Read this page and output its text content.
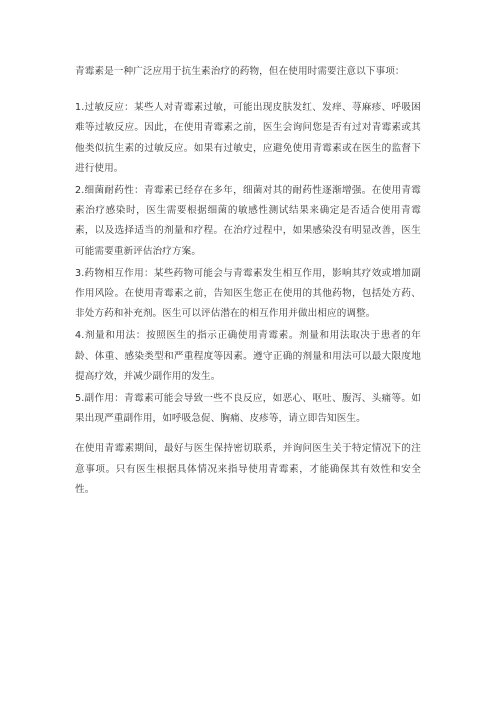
青霉素是一种广泛应用于抗生素治疗的药物，但在使用时需要注意以下事项：

1.过敏反应：某些人对青霉素过敏，可能出现皮肤发红、发痒、荨麻疹、呼吸困难等过敏反应。因此，在使用青霉素之前，医生会询问您是否有过对青霉素或其他类似抗生素的过敏反应。如果有过敏史，应避免使用青霉素或在医生的监督下进行使用。

2.细菌耐药性：青霉素已经存在多年，细菌对其的耐药性逐渐增强。在使用青霉素治疗感染时，医生需要根据细菌的敏感性测试结果来确定是否适合使用青霉素，以及选择适当的剂量和疗程。在治疗过程中，如果感染没有明显改善，医生可能需要重新评估治疗方案。

3.药物相互作用：某些药物可能会与青霉素发生相互作用，影响其疗效或增加副作用风险。在使用青霉素之前，告知医生您正在使用的其他药物，包括处方药、非处方药和补充剂。医生可以评估潜在的相互作用并做出相应的调整。

4.剂量和用法：按照医生的指示正确使用青霉素。剂量和用法取决于患者的年龄、体重、感染类型和严重程度等因素。遵守正确的剂量和用法可以最大限度地提高疗效，并减少副作用的发生。

5.副作用：青霉素可能会导致一些不良反应，如恶心、呕吐、腹泻、头痛等。如果出现严重副作用，如呼吸急促、胸痛、皮疹等，请立即告知医生。

在使用青霉素期间，最好与医生保持密切联系，并询问医生关于特定情况下的注意事项。只有医生根据具体情况来指导使用青霉素，才能确保其有效性和安全性。
